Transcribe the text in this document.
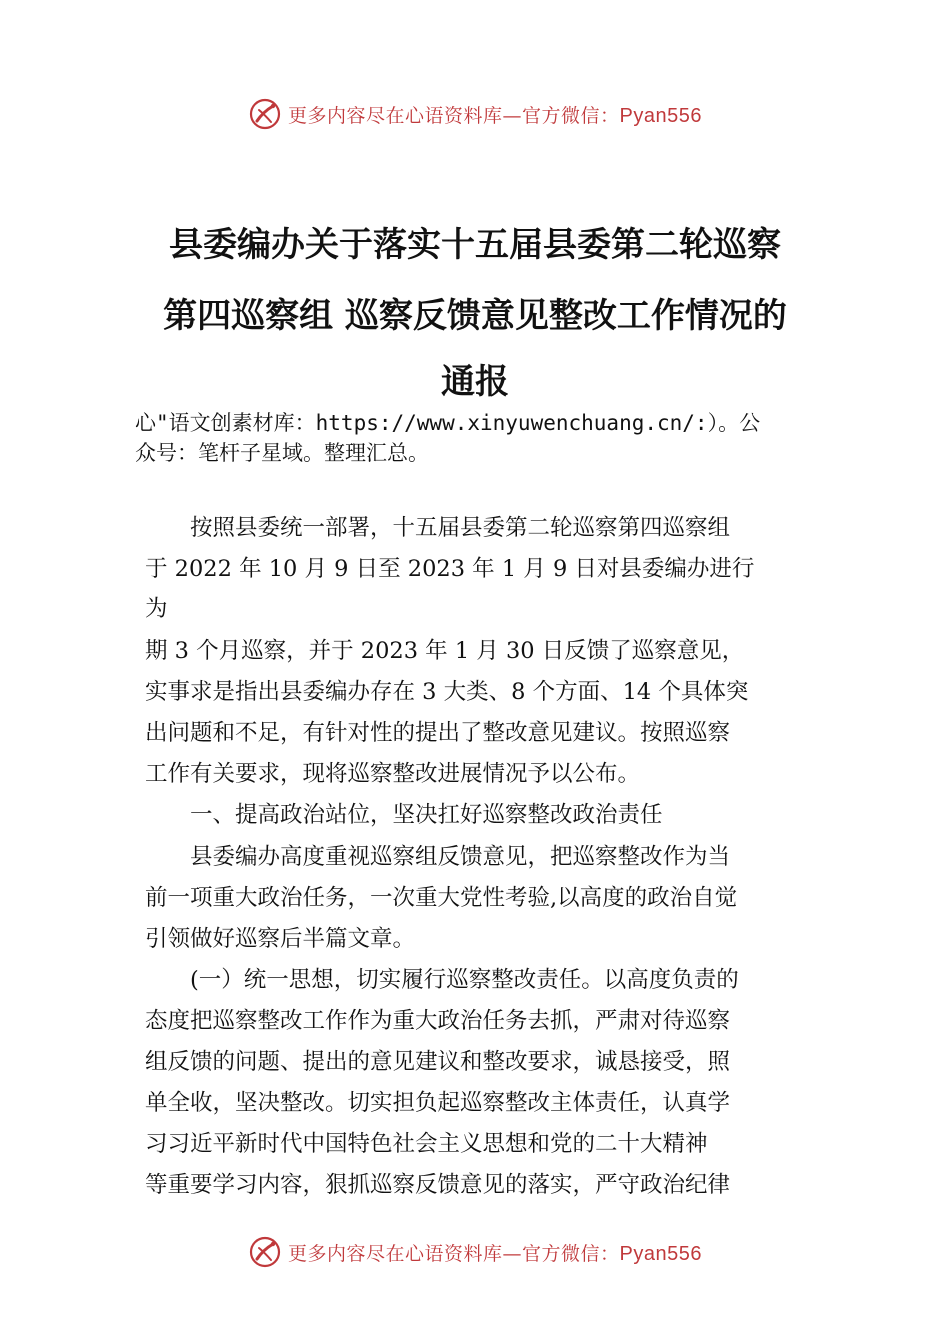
更多内容尽在心语资料库—官方微信：Pyan556
县委编办关于落实十五届县委第二轮巡察
第四巡察组 巡察反馈意见整改工作情况的
通报
心"语文创素材库：https://www.xinyuwenchuang.cn/:）。公
众号：笔杆子星域。整理汇总。
　　按照县委统一部署，十五届县委第二轮巡察第四巡察组
于 2022 年 10 月 9 日至 2023 年 1 月 9 日对县委编办进行
为
期 3 个月巡察，并于 2023 年 1 月 30 日反馈了巡察意见，
实事求是指出县委编办存在 3 大类、8 个方面、14 个具体突
出问题和不足，有针对性的提出了整改意见建议。按照巡察
工作有关要求，现将巡察整改进展情况予以公布。
　　一、提高政治站位，坚决扛好巡察整改政治责任
　　县委编办高度重视巡察组反馈意见，把巡察整改作为当
前一项重大政治任务，一次重大党性考验,以高度的政治自觉
引领做好巡察后半篇文章。
　　(一）统一思想，切实履行巡察整改责任。以高度负责的
态度把巡察整改工作作为重大政治任务去抓，严肃对待巡察
组反馈的问题、提出的意见建议和整改要求，诚恳接受，照
单全收，坚决整改。切实担负起巡察整改主体责任，认真学
习习近平新时代中国特色社会主义思想和党的二十大精神
等重要学习内容，狠抓巡察反馈意见的落实，严守政治纪律
更多内容尽在心语资料库—官方微信：Pyan556
